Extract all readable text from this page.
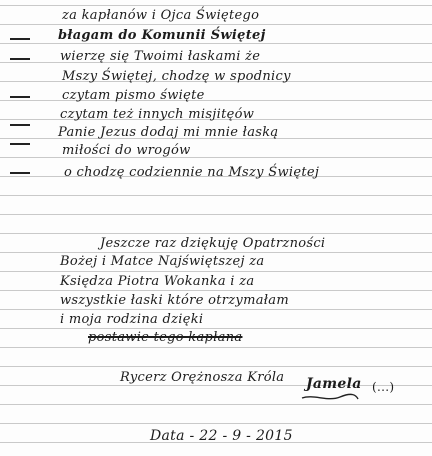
za kapłanów i Ojca Świętego
błagam do Komunii Świętej
wierzę się Twoimi łaskami że
Mszy Świętej, chodzę w spodnicy
czytam pismo święte
czytam też innych misjitęów
Panie Jezus dodaj mi mnie łaską
miłości do wrogów
o chodzę codziennie na Mszy Świętej
Jeszcze raz dziękuję Opatrzności
Bożej i Matce Najświętszej za
Księdza Piotra Wokanka i za
wszystkie łaski które otrzymałam
i moja rodzina dzięki
postawie tego kapłana
Rycerz Orężnosza Króla Jamela (...)
Data - 22 - 9 - 2015
